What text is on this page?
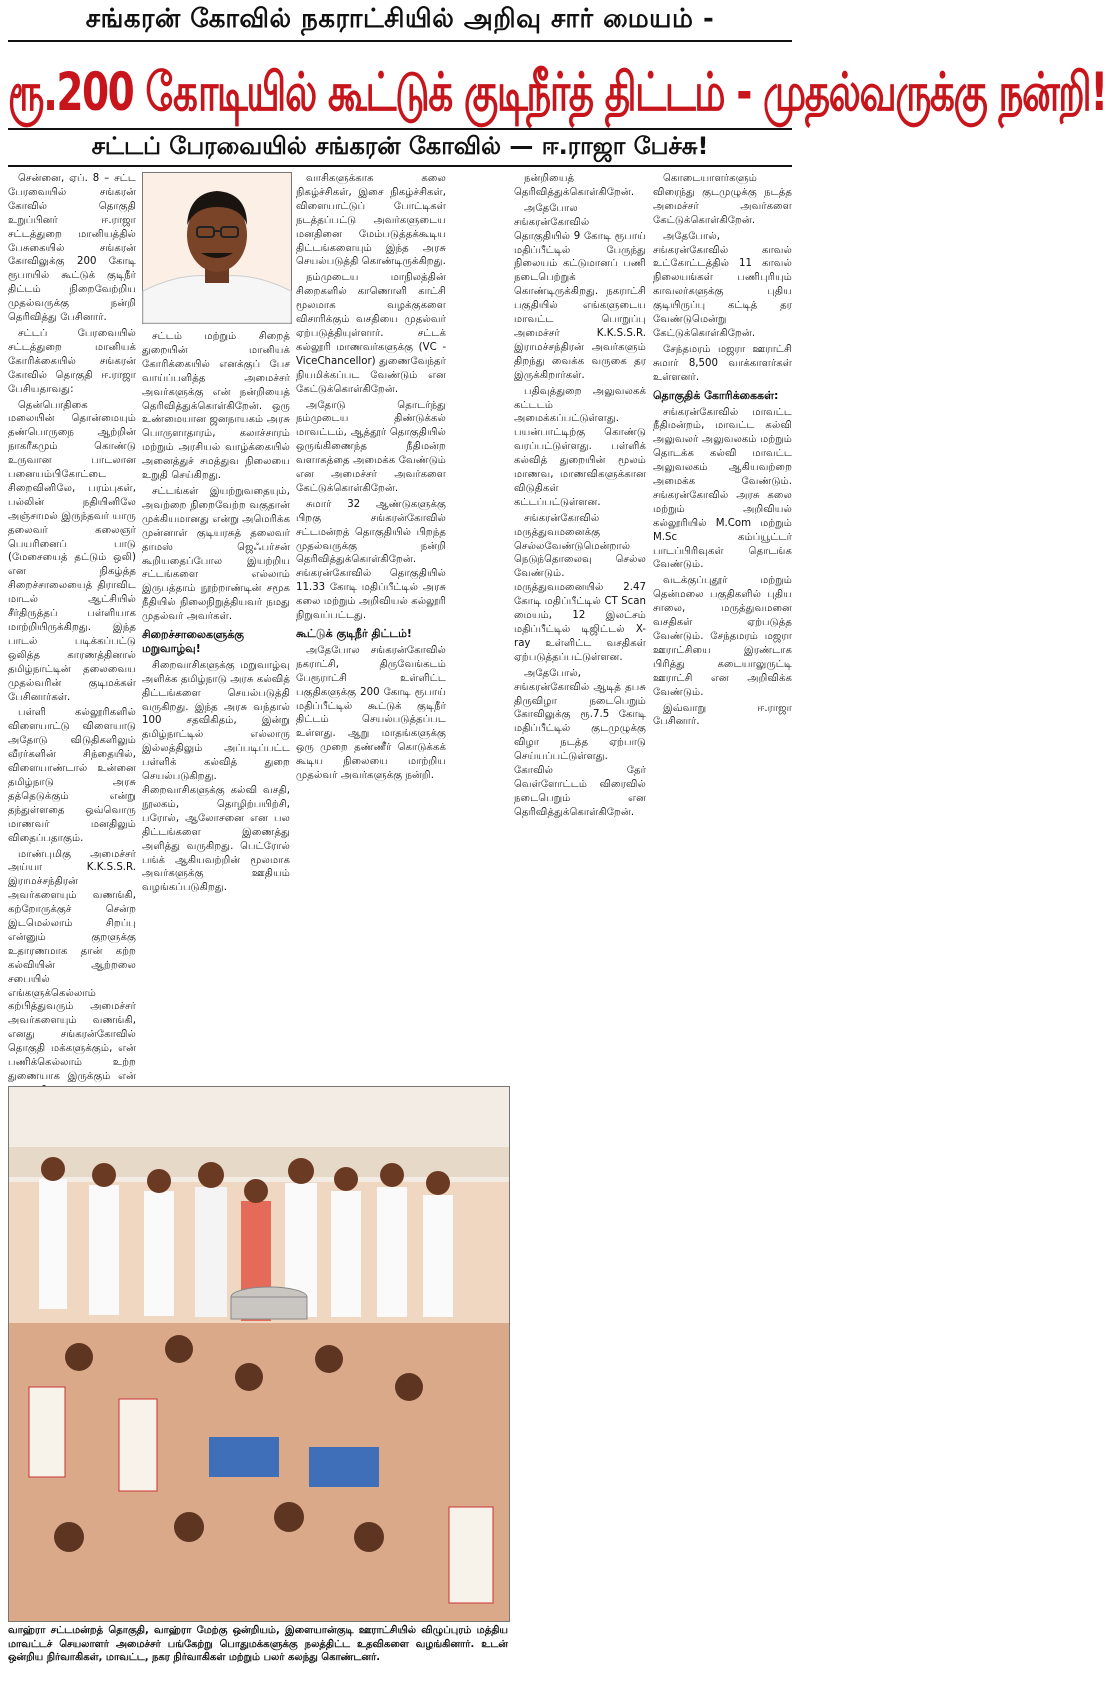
சங்கரன் கோவில் நகராட்சியில் அறிவு சார் மையம் -
ரூ.200 கோடியில் கூட்டுக் குடிநீர்த் திட்டம் - முதல்வருக்கு நன்றி!
சட்டப் பேரவையில் சங்கரன் கோவில் — ஈ.ராஜா பேச்சு!

சென்னை, ஏப். 8 – சட்ட பேரவையில் சங்கரன் கோவில் தொகுதி உறுப்பினர் ஈ.ராஜா சட்டத்துறை மானியத்தில் பேசுகையில் சங்கரன் கோவிலுக்கு 200 கோடி ரூபாயில் கூட்டுக் குடிநீர் திட்டம் நிறைவேற்றிய முதல்வருக்கு நன்றி தெரிவித்து பேசினார்.

சட்டப் பேரவையில் சட்டத்துறை மானியக் கோரிக்கையில் சங்கரன் கோவில் தொகுதி ஈ.ராஜா பேசியதாவது:

தென்பொதிகை மலையின் தொன்மையும் தண்பொருநை ஆற்றின் நாகரீகமும் கொண்டு உருவான பாடலான பனையம்பிகோட்டை சிறைவினிலே, பரம்புகள், பல்லின் நதியினிலே அஞ்சாமல் இருந்தவர் யாரு தலைவர் கலைஞர் பெயரினைப் பாடு (மேசையைத் தட்டும் ஒலி) என நிகழ்த்த சிறைச்சாலையைத் திராவிட மாடல் ஆட்சியில் சீர்திருத்தப் பள்ளியாக மாற்றியிருக்கிறது. இந்த பாடல் படிக்கப்பட்டு ஒலித்த காரணத்தினால் தமிழ்நாட்டின் தலைவைய முதல்வரின் குடிமக்கள் பேசினார்கள்.

பள்ளி கல்லூரிகளில் விளையாட்டு விளையாடு அதோடு விடுதிகளிலும் வீரர்களின் சிந்தையில், விளையாண்டால் உன்னை தமிழ்நாடு அரசு தத்தெடுக்கும் என்று தந்துள்ளதை ஒவ்வொரு மாணவர் மனதிலும் விதைப்பதாகும்.

மாண்புமிகு அமைச்சர் அய்யா K.K.S.S.R. இராமச்சந்திரன் அவர்களையும் வணங்கி, கற்றோருக்குச் சென்ற இடமெல்லாம் சிறப்பு என்னும் குறளுக்கு உதாரணமாக தான் கற்ற கல்வியின் ஆற்றலை சபையில் எங்களுக்கெல்லாம் கற்பித்துவரும் அமைச்சர் அவர்களையும் வணங்கி, எனது சங்கரன்கோவில் தொகுதி மக்களுக்கும், என் பணிக்கெல்லாம் உற்ற துணையாக இருக்கும் என்

சட்டம் மற்றும் சிறைத் துறையின் மானியக் கோரிக்கையில் எனக்குப் பேச வாய்ப்பளித்த அமைச்சர் அவர்களுக்கு என் நன்றியைத் தெரிவித்துக்கொள்கிறேன். ஒரு உண்மையான ஜனநாயகம் அரசு பொருளாதாரம், கலாச்சாரம் மற்றும் அரசியல் வாழ்க்கையில் அனைத்துச் சமத்துவ நிலையை உறுதி செய்கிறது.

சட்டங்கள் இயற்றுவதையும், அவற்றை நிறைவேற்ற வகுதான் முக்கியமானது என்று அமெரிக்க முன்னாள் குடியரசுத் தலைவர் தாமஸ் ஜெஃபர்சன் கூறியதைப்போல இயற்றிய சட்டங்களை எல்லாம் இருபத்தாம் நூற்றாண்டின் சமூக நீதியில் நிலைநிறுத்தியவர் நமது முதல்வர் அவர்கள்.

சிறைச்சாலைகளுக்கு மறுவாழ்வு!

சிறைவாசிகளுக்கு மறுவாழ்வு அளிக்க தமிழ்நாடு அரசு கல்வித் திட்டங்களை செயல்படுத்தி வருகிறது. இந்த அரசு வந்தால் 100 சதவிகிதம், இன்று தமிழ்நாட்டில் எல்லாரு இல்லத்திலும் அப்படிப்பட்ட பள்ளிக் கல்வித் துறை செயல்படுகிறது. சிறைவாசிகளுக்கு கல்வி வசதி, நூலகம், தொழிற்பயிற்சி, பரோல், ஆலோசனை என பல திட்டங்களை இணைத்து அளித்து வருகிறது. பெட்ரோல் பங்க் ஆகியவற்றின் மூலமாக அவர்களுக்கு ஊதியம் வழங்கப்படுகிறது.

வாசிகளுக்காக கலை நிகழ்ச்சிகள், இசை நிகழ்ச்சிகள், விளையாட்டுப் போட்டிகள் நடத்தப்பட்டு அவர்களுடைய மனதினை மேம்படுத்தக்கூடிய திட்டங்களையும் இந்த அரசு செயல்படுத்தி கொண்டிருக்கிறது.

நம்முடைய மாநிலத்தின் சிறைகளில் காணொளி காட்சி மூலமாக வழக்குகளை விசாரிக்கும் வசதியை முதல்வர் ஏற்படுத்தியுள்ளார். சட்டக் கல்லூரி மாணவர்களுக்கு (VC - ViceChancellor) துணைவேந்தர் நியமிக்கப்பட வேண்டும் என கேட்டுக்கொள்கிறேன்.

அதோடு தொடர்ந்து நம்முடைய திண்டுக்கல் மாவட்டம், ஆத்தூர் தொகுதியில் ஒருங்கிணைந்த நீதிமன்ற வளாகத்தை அமைக்க வேண்டும் என அமைச்சர் அவர்களை கேட்டுக்கொள்கிறேன்.

சுமார் 32 ஆண்டுகளுக்கு பிறகு சங்கரன்கோவில் சட்டமன்றத் தொகுதியில் பிறந்த முதல்வருக்கு நன்றி தெரிவித்துக்கொள்கிறேன். சங்கரன்கோவில் தொகுதியில் 11.33 கோடி மதிப்பீட்டில் அரசு கலை மற்றும் அறிவியல் கல்லூரி நிறுவப்பட்டது.

கூட்டுக் குடிநீர் திட்டம்!

அதேபோல சங்கரன்கோவில் நகராட்சி, திருவேங்கடம் பேரூராட்சி உள்ளிட்ட பகுதிகளுக்கு 200 கோடி ரூபாய் மதிப்பீட்டில் கூட்டுக் குடிநீர் திட்டம் செயல்படுத்தப்பட உள்ளது. ஆறு மாதங்களுக்கு ஒரு முறை தண்ணீர் கொடுக்கக் கூடிய நிலையை மாற்றிய முதல்வர் அவர்களுக்கு நன்றி.

வாஹ்ரா சட்டமன்றத் தொகுதி, வாஹ்ரா மேற்கு ஒன்றியம், இளையான்குடி ஊராட்சியில் விழுப்புரம் மத்திய மாவட்டச் செயலாளர் அமைச்சர் பங்கேற்று பொதுமக்களுக்கு நலத்திட்ட உதவிகளை வழங்கினார். உடன் ஒன்றிய நிர்வாகிகள், மாவட்ட, நகர நிர்வாகிகள் மற்றும் பலர் கலந்து கொண்டனர்.

நன்றியைத் தெரிவித்துக்கொள்கிறேன்.

அதேபோல சங்கரன்கோவில் தொகுதியில் 9 கோடி ரூபாய் மதிப்பீட்டில் பேருந்து நிலையம் கட்டுமானப் பணி நடைபெற்றுக் கொண்டிருக்கிறது. நகராட்சி பகுதியில் எங்களுடைய மாவட்ட பொறுப்பு அமைச்சர் K.K.S.S.R. இராமச்சந்திரன் அவர்களும் திறந்து வைக்க வருகை தர இருக்கிறார்கள்.

பதிவுத்துறை அலுவலகக் கட்டடம் அமைக்கப்பட்டுள்ளது. பயன்பாட்டிற்கு கொண்டு வரப்பட்டுள்ளது. பள்ளிக் கல்வித் துறையின் மூலம் மாணவ, மாணவிகளுக்கான விடுதிகள் கட்டப்பட்டுள்ளன.

சங்கரன்கோவில் மருத்துவமனைக்கு செல்லவேண்டுமென்றால் நெடுந்தொலைவு செல்ல வேண்டும். மருத்துவமனையில் 2.47 கோடி மதிப்பீட்டில் CT Scan மையம், 12 இலட்சம் மதிப்பீட்டில் டிஜிட்டல் X-ray உள்ளிட்ட வசதிகள் ஏற்படுத்தப்பட்டுள்ளன.

அதேபோல், சங்கரன்கோவில் ஆடித் தபசு திருவிழா நடைபெறும் கோவிலுக்கு ரூ.7.5 கோடி மதிப்பீட்டில் குடமுழுக்கு விழா நடத்த ஏற்பாடு செய்யப்பட்டுள்ளது. கோவில் தேர் வெள்ளோட்டம் விரைவில் நடைபெறும் என தெரிவித்துக்கொள்கிறேன்.

கொடையாளர்களும் விரைந்து குடமுழுக்கு நடத்த அமைச்சர் அவர்களை கேட்டுக்கொள்கிறேன்.

அதேபோல், சங்கரன்கோவில் காவல் உட்கோட்டத்தில் 11 காவல் நிலையங்கள் பணிபுரியும் காவலர்களுக்கு புதிய குடியிருப்பு கட்டித் தர வேண்டுமென்று கேட்டுக்கொள்கிறேன்.

சேந்தமரம் மஜரா ஊராட்சி சுமார் 8,500 வாக்காளர்கள் உள்ளனர்.

தொகுதிக் கோரிக்கைகள்:

சங்கரன்கோவில் மாவட்ட நீதிமன்றம், மாவட்ட கல்வி அலுவலர் அலுவலகம் மற்றும் தொடக்க கல்வி மாவட்ட அலுவலகம் ஆகியவற்றை அமைக்க வேண்டும். சங்கரன்கோவில் அரசு கலை மற்றும் அறிவியல் கல்லூரியில் M.Com மற்றும் M.Sc கம்ப்யூட்டர் பாடப்பிரிவுகள் தொடங்க வேண்டும்.

வடக்குப்புதூர் மற்றும் தென்மலை பகுதிகளில் புதிய சாலை, மருத்துவமனை வசதிகள் ஏற்படுத்த வேண்டும். சேந்தமரம் மஜரா ஊராட்சியை இரண்டாக பிரித்து கடையாலுருட்டி ஊராட்சி என அறிவிக்க வேண்டும்.

இவ்வாறு ஈ.ராஜா பேசினார்.
